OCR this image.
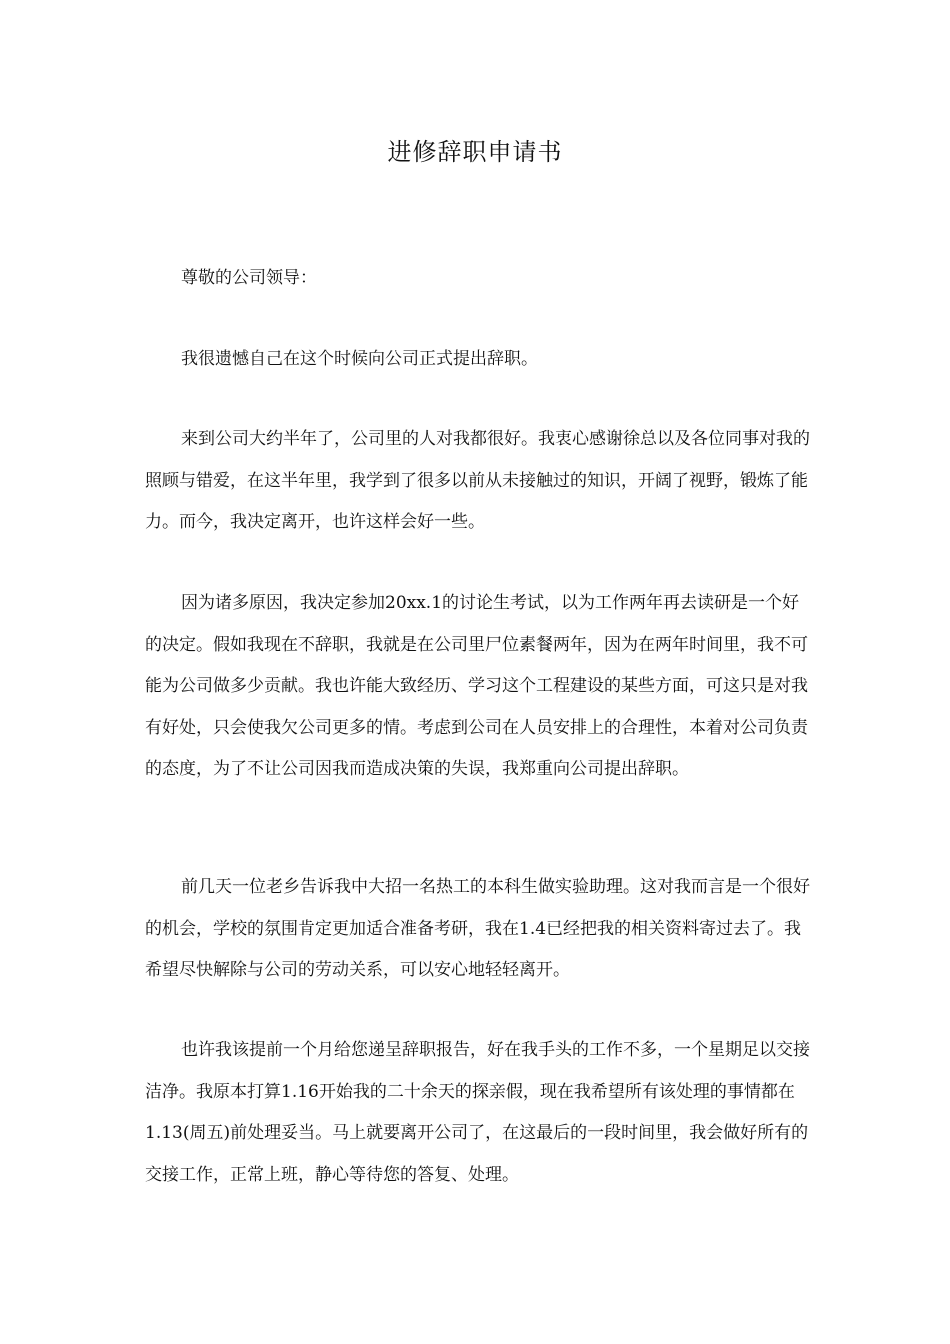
进修辞职申请书

尊敬的公司领导：

我很遗憾自己在这个时候向公司正式提出辞职。

来到公司大约半年了，公司里的人对我都很好。我衷心感谢徐总以及各位同事对我的照顾与错爱，在这半年里，我学到了很多以前从未接触过的知识，开阔了视野，锻炼了能力。而今，我决定离开，也许这样会好一些。

因为诸多原因，我决定参加20xx.1的讨论生考试，以为工作两年再去读研是一个好的决定。假如我现在不辞职，我就是在公司里尸位素餐两年，因为在两年时间里，我不可能为公司做多少贡献。我也许能大致经历、学习这个工程建设的某些方面，可这只是对我有好处，只会使我欠公司更多的情。考虑到公司在人员安排上的合理性，本着对公司负责的态度，为了不让公司因我而造成决策的失误，我郑重向公司提出辞职。

前几天一位老乡告诉我中大招一名热工的本科生做实验助理。这对我而言是一个很好的机会，学校的氛围肯定更加适合准备考研，我在1.4已经把我的相关资料寄过去了。我希望尽快解除与公司的劳动关系，可以安心地轻轻离开。

也许我该提前一个月给您递呈辞职报告，好在我手头的工作不多，一个星期足以交接洁净。我原本打算1.16开始我的二十余天的探亲假，现在我希望所有该处理的事情都在1.13(周五)前处理妥当。马上就要离开公司了，在这最后的一段时间里，我会做好所有的交接工作，正常上班，静心等待您的答复、处理。
